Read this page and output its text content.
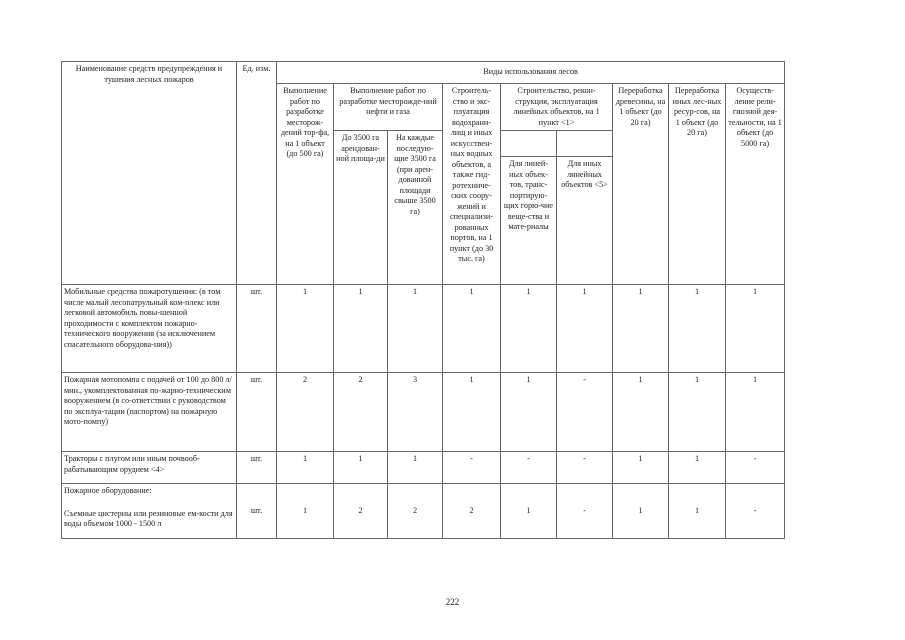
Наименование средств предупреждения и тушения лесных пожаров	Ед. изм.	Виды использования лесов								
		Выполнение работ по разработке месторож-дений тор-фа, на 1 объект (до 500 га)	Выполнение работ по разработке месторожде-ний нефти и газа		Строитель-ство и экс-плуатация водохрани-лищ и иных искусствен-ных водных объектов, а также гид-ротехниче-ских соору-жений и специализи-рованных портов, на 1 пункт (до 30 тыс. га)	Строительство, рекон-струкция, эксплуатация линейных объектов, на 1 пункт <1>		Переработка древесины, на 1 объект (до 20 га)	Переработка иных лес-ных ресур-сов, на 1 объект (до 20 га)	Осуществ-ление рели-гиозной дея-тельности, на 1 объект (до 5000 га)
			До 3500 га арендован-ной площа-ди	На каждые последую-щие 3500 га (при арен-дованной площади свыше 3500 га)						
						Для линей-ных объек-тов, транс-портирую-щих горю-чие веще-ства и мате-риалы	Для иных линейных объектов <5>			
Мобильные средства пожаротушения: (в том числе малый лесопатрульный ком-плекс или легковой автомобиль повы-шенной проходимости с комплектом пожарно-технического вооружения (за исключением спасательного оборудова-ния))	шт.	1	1	1	1	1	1	1	1	1
Пожарная мотопомпа с подачей от 100 до 800 л/мин., укомплектованная по-жарно-техническим вооружением (в со-ответствии с руководством по эксплуа-тации (паспортом) на пожарную мото-помпу)	шт.	2	2	3	1	1	-	1	1	1
Тракторы с плугом или иным почвооб-рабатывающим орудием <4>	шт.	1	1	1	-	-	-	1	1	-
Пожарное оборудование:
Съемные цистерны или резиновые ем-кости для воды объемом 1000 - 1500 л	шт.	1	2	2	2	1	-	1	1	-
222
